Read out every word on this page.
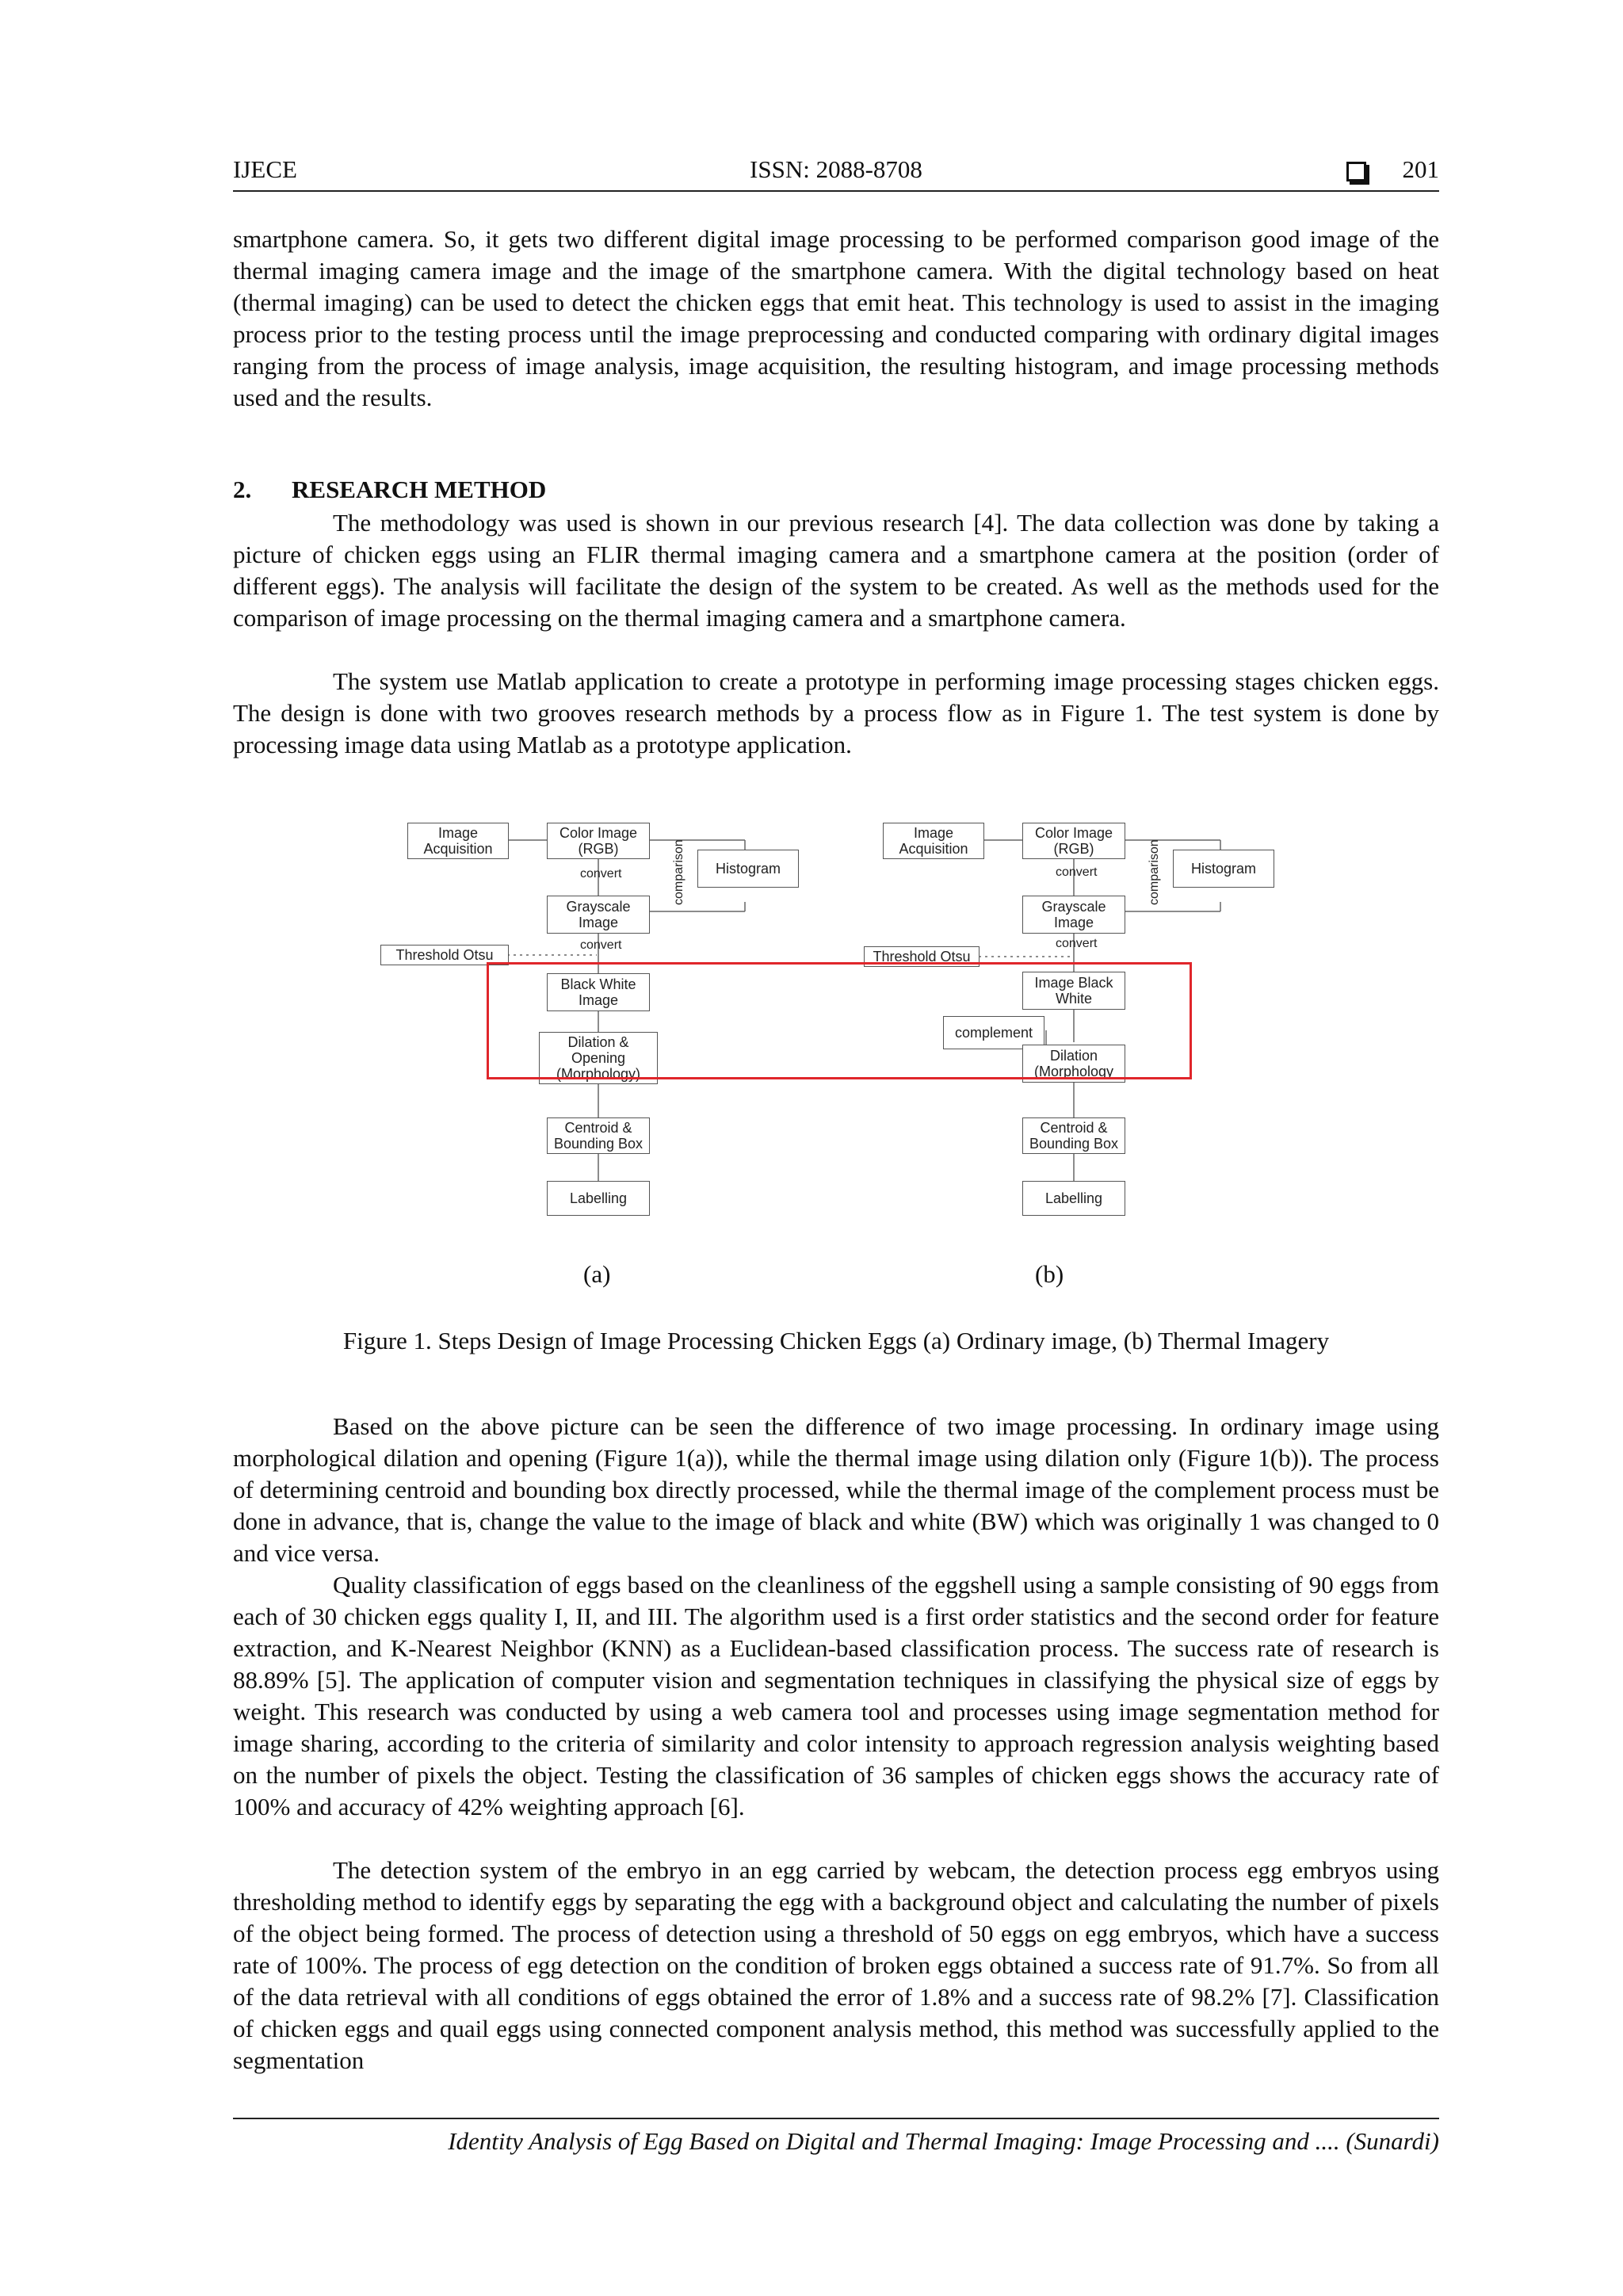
IJECE	ISSN: 2088-8708	201

smartphone camera. So, it gets two different digital image processing to be performed comparison good image of the thermal imaging camera image and the image of the smartphone camera. With the digital technology based on heat (thermal imaging) can be used to detect the chicken eggs that emit heat. This technology is used to assist in the imaging process prior to the testing process until the image preprocessing and conducted comparing with ordinary digital images ranging from the process of image analysis, image acquisition, the resulting histogram, and image processing methods used and the results.

2. RESEARCH METHOD

The methodology was used is shown in our previous research [4]. The data collection was done by taking a picture of chicken eggs using an FLIR thermal imaging camera and a smartphone camera at the position (order of different eggs). The analysis will facilitate the design of the system to be created. As well as the methods used for the comparison of image processing on the thermal imaging camera and a smartphone camera.

The system use Matlab application to create a prototype in performing image processing stages chicken eggs. The design is done with two grooves research methods by a process flow as in Figure 1. The test system is done by processing image data using Matlab as a prototype application.

Image
Acquisition
Color Image
(RGB)
convert	comparison	Histogram
Grayscale
Image
convert
Threshold Otsu
Black White
Image
Dilation &
Opening
(Morphology)
Centroid &
Bounding Box
Labelling
Image
Acquisition
Color Image
(RGB)
convert	comparison	Histogram
Grayscale
Image
convert
Threshold Otsu
Image Black
White
complement
Dilation
(Morphology
Centroid &
Bounding Box
Labelling
(a)	(b)
Figure 1. Steps Design of Image Processing Chicken Eggs (a) Ordinary image, (b) Thermal Imagery

Based on the above picture can be seen the difference of two image processing. In ordinary image using morphological dilation and opening (Figure 1(a)), while the thermal image using dilation only (Figure 1(b)). The process of determining centroid and bounding box directly processed, while the thermal image of the complement process must be done in advance, that is, change the value to the image of black and white (BW) which was originally 1 was changed to 0 and vice versa.

Quality classification of eggs based on the cleanliness of the eggshell using a sample consisting of 90 eggs from each of 30 chicken eggs quality I, II, and III. The algorithm used is a first order statistics and the second order for feature extraction, and K-Nearest Neighbor (KNN) as a Euclidean-based classification process. The success rate of research is 88.89% [5]. The application of computer vision and segmentation techniques in classifying the physical size of eggs by weight. This research was conducted by using a web camera tool and processes using image segmentation method for image sharing, according to the criteria of similarity and color intensity to approach regression analysis weighting based on the number of pixels the object. Testing the classification of 36 samples of chicken eggs shows the accuracy rate of 100% and accuracy of 42% weighting approach [6].

The detection system of the embryo in an egg carried by webcam, the detection process egg embryos using thresholding method to identify eggs by separating the egg with a background object and calculating the number of pixels of the object being formed. The process of detection using a threshold of 50 eggs on egg embryos, which have a success rate of 100%. The process of egg detection on the condition of broken eggs obtained a success rate of 91.7%. So from all of the data retrieval with all conditions of eggs obtained the error of 1.8% and a success rate of 98.2% [7]. Classification of chicken eggs and quail eggs using connected component analysis method, this method was successfully applied to the segmentation

Identity Analysis of Egg Based on Digital and Thermal Imaging: Image Processing and .... (Sunardi)
